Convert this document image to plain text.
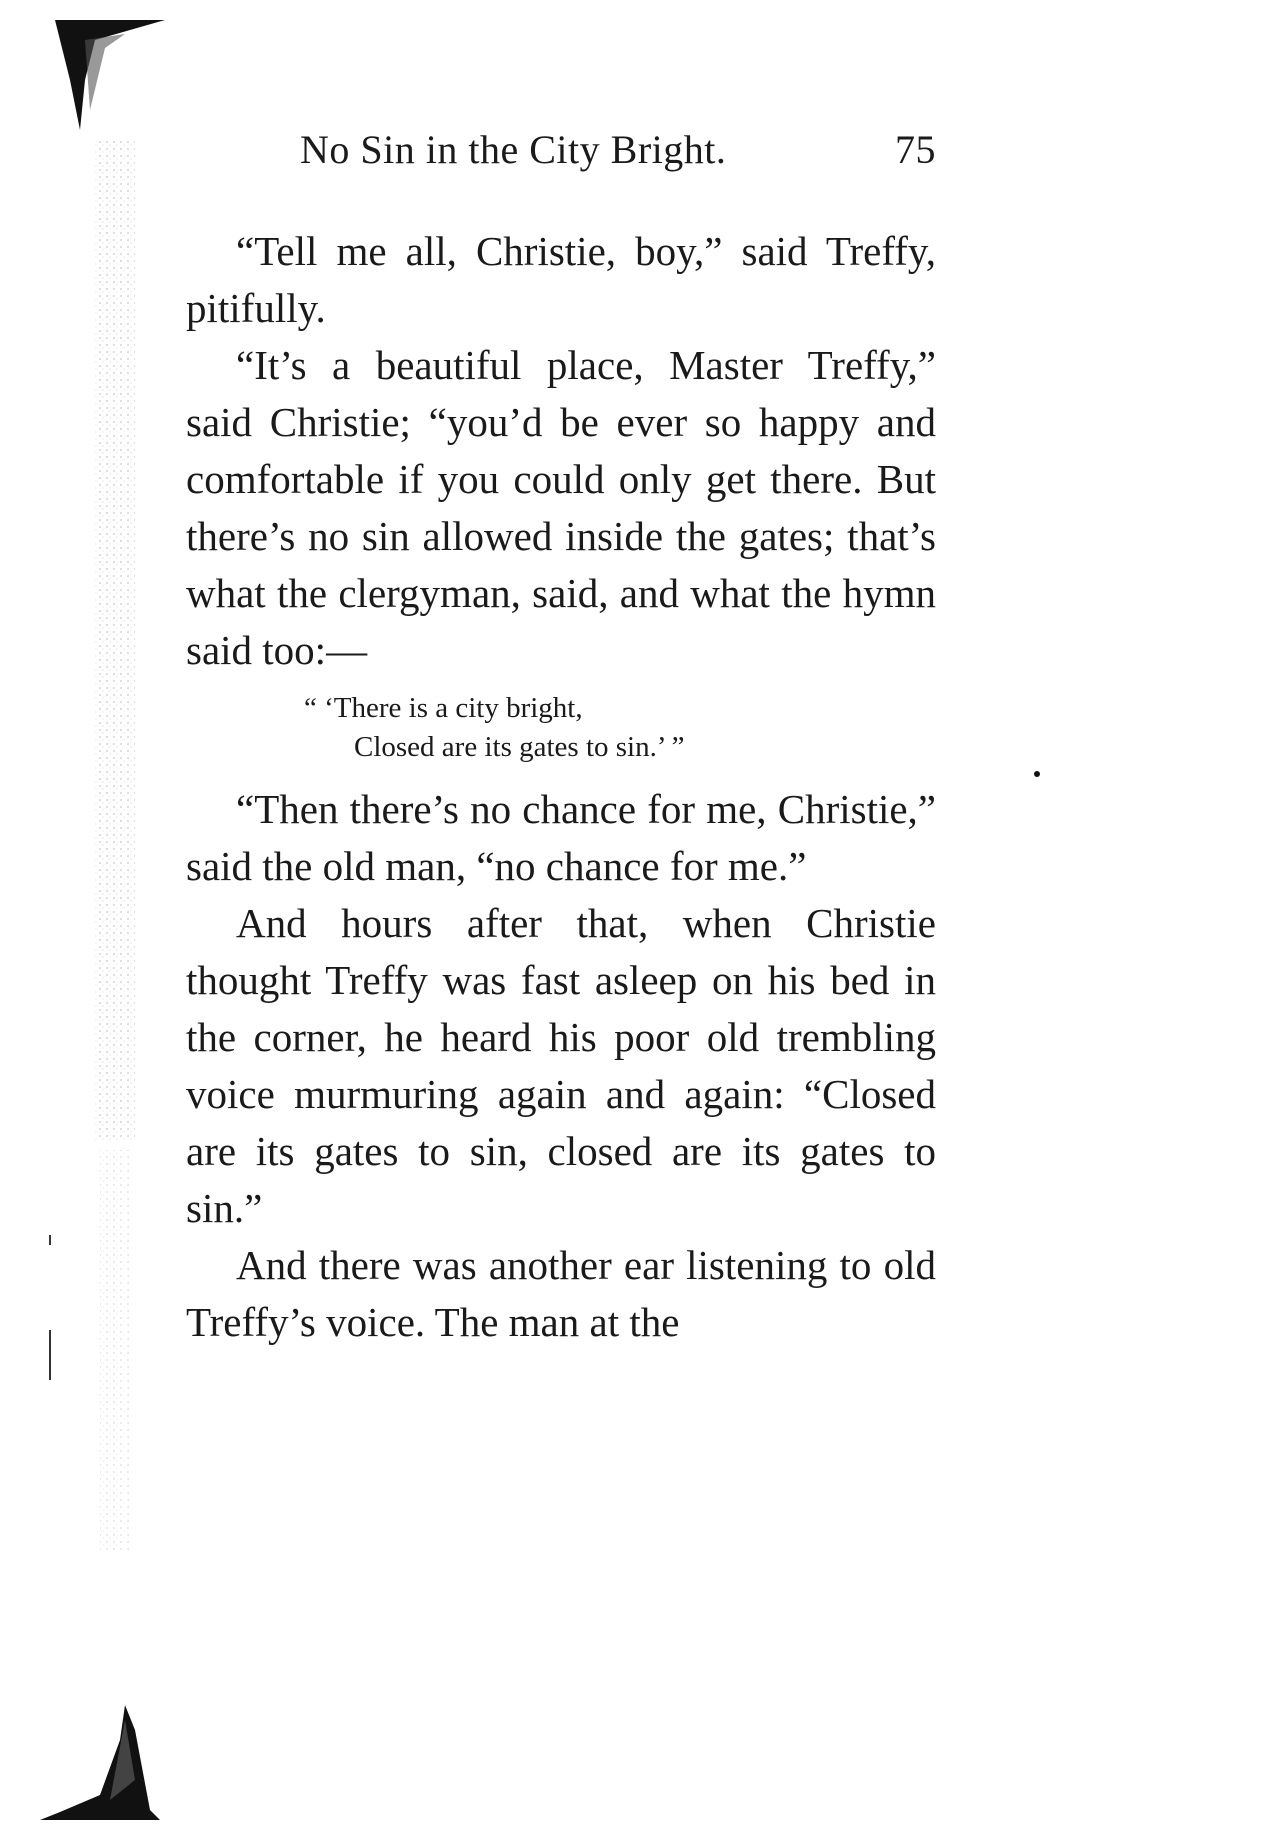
No Sin in the City Bright.	75

“Tell me all, Christie, boy,” said Treffy, pitifully.

“It’s a beautiful place, Master Treffy,” said Christie; “you’d be ever so happy and comfortable if you could only get there. But there’s no sin allowed inside the gates; that’s what the clergyman, said, and what the hymn said too:—

“ ‘There is a city bright,
Closed are its gates to sin.’ ”

“Then there’s no chance for me, Christie,” said the old man, “no chance for me.”

And hours after that, when Christie thought Treffy was fast asleep on his bed in the corner, he heard his poor old trembling voice murmuring again and again: “Closed are its gates to sin, closed are its gates to sin.”

And there was another ear listening to old Treffy’s voice. The man at the
